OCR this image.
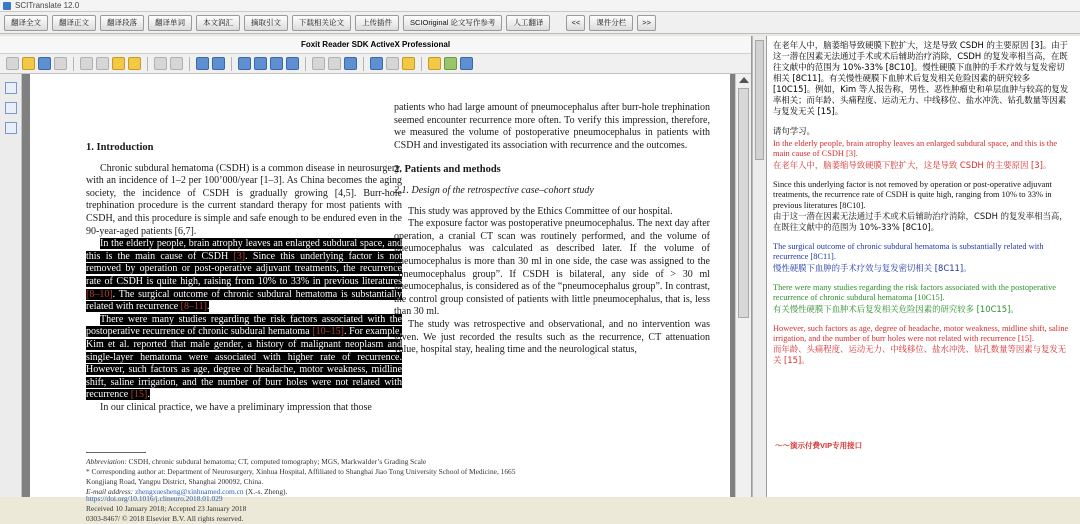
SCITranslate 12.0
翻译全文	翻译正文	翻译段落	翻译单词	本文润汇	摘取引文	下载相关论文	上传插件	SCIOriginal 论文写作参考	人工翻译	<<	课件分栏	>>
Foxit Reader SDK ActiveX Professional
1. Introduction

Chronic subdural hematoma (CSDH) is a common disease in neurosurgery, with an incidence of 1–2 per 100’000/year [1–3]. As China becomes the aging society, the incidence of CSDH is gradually growing [4,5]. Burr-hole trephination procedure is the current standard therapy for most patients with CSDH, and this procedure is simple and safe enough to be endured even in the 90-year-aged patients [6,7].

In the elderly people, brain atrophy leaves an enlarged subdural space, and this is the main cause of CSDH [3]. Since this underlying factor is not removed by operation or post-operative adjuvant treatments, the recurrence rate of CSDH is quite high, raising from 10% to 33% in previous literatures [8–10]. The surgical outcome of chronic subdural hematoma is substantially related with recurrence [8–11].

There were many studies regarding the risk factors associated with the postoperative recurrence of chronic subdural hematoma [10–15]. For example, Kim et al. reported that male gender, a history of malignant neoplasm and single-layer hematoma were associated with higher rate of recurrence. However, such factors as age, degree of headache, motor weakness, midline shift, saline irrigation, and the number of burr holes were not related with recurrence [15].

In our clinical practice, we have a preliminary impression that those

patients who had large amount of pneumocephalus after burr-hole trephination seemed encounter recurrence more often. To verify this impression, therefore, we measured the volume of postoperative pneumocephalus in patients with CSDH and investigated its association with recurrence and the outcomes.

2. Patients and methods
2.1. Design of the retrospective case–cohort study

This study was approved by the Ethics Committee of our hospital.

The exposure factor was postoperative pneumocephalus. The next day after operation, a cranial CT scan was routinely performed, and the volume of pneumocephalus was calculated as described later. If the volume of pneumocephalus is more than 30 ml in one side, the case was assigned to the “pneumocephalus group”. If CSDH is bilateral, any side of > 30 ml pneumocephalus, is considered as of the “pneumocephalus group”. In contrast, the control group consisted of patients with little pneumocephalus, that is, less than 30 ml.

The study was retrospective and observational, and no intervention was given. We just recorded the results such as the recurrence, CT attenuation value, hospital stay, healing time and the neurological status,

Abbreviation: CSDH, chronic subdural hematoma; CT, computed tomography; MGS, Markwalder’s Grading Scale
* Corresponding author at: Department of Neurosurgery, Xinhua Hospital, Affiliated to Shanghai Jiao Tong University School of Medicine, 1665 Kongjiang Road, Yangpu District, Shanghai 200092, China.
E-mail address: zhengxuesheng@xinhuamed.com.cn (X.-s. Zheng).
https://doi.org/10.1016/j.clineuro.2018.01.029
Received 10 January 2018; Accepted 23 January 2018
0303-8467/ © 2018 Elsevier B.V. All rights reserved.
在老年人中，脑萎缩导致硬膜下腔扩大，这是导致 CSDH 的主要原因 [3]。由于这一潜在因素无法通过手术或术后辅助治疗消除，CSDH 的复发率相当高，在既往文献中的范围为 10%-33% [8C10]。慢性硬膜下血肿的手术疗效与复发密切相关 [8C11]。有关慢性硬膜下血肿术后复发相关危险因素的研究较多 [10C15]。例如，Kim 等人报告称，男性、恶性肿瘤史和单层血肿与较高的复发率相关；而年龄、头痛程度、运动无力、中线移位、盐水冲洗、钻孔数量等因素与复发无关 [15]。
请句学习。
In the elderly people, brain atrophy leaves an enlarged subdural space, and this is the main cause of CSDH [3].
在老年人中，脑萎缩导致硬膜下腔扩大，这是导致 CSDH 的主要原因 [3]。
Since this underlying factor is not removed by operation or post-operative adjuvant treatments, the recurrence rate of CSDH is quite high, ranging from 10% to 33% in previous literatures [8C10].
由于这一潜在因素无法通过手术或术后辅助治疗消除，CSDH 的复发率相当高，在既往文献中的范围为 10%-33% [8C10]。
The surgical outcome of chronic subdural hematoma is substantially related with recurrence [8C11].
慢性硬膜下血肿的手术疗效与复发密切相关 [8C11]。
There were many studies regarding the risk factors associated with the postoperative recurrence of chronic subdural hematoma [10C15].
有关慢性硬膜下血肿术后复发相关危险因素的研究较多 [10C15]。
However, such factors as age, degree of headache, motor weakness, midline shift, saline irrigation, and the number of burr holes were not related with recurrence [15].
而年龄、头痛程度、运动无力、中线移位、盐水冲洗、钻孔数量等因素与复发无关 [15]。
～～演示付费VIP专用接口
